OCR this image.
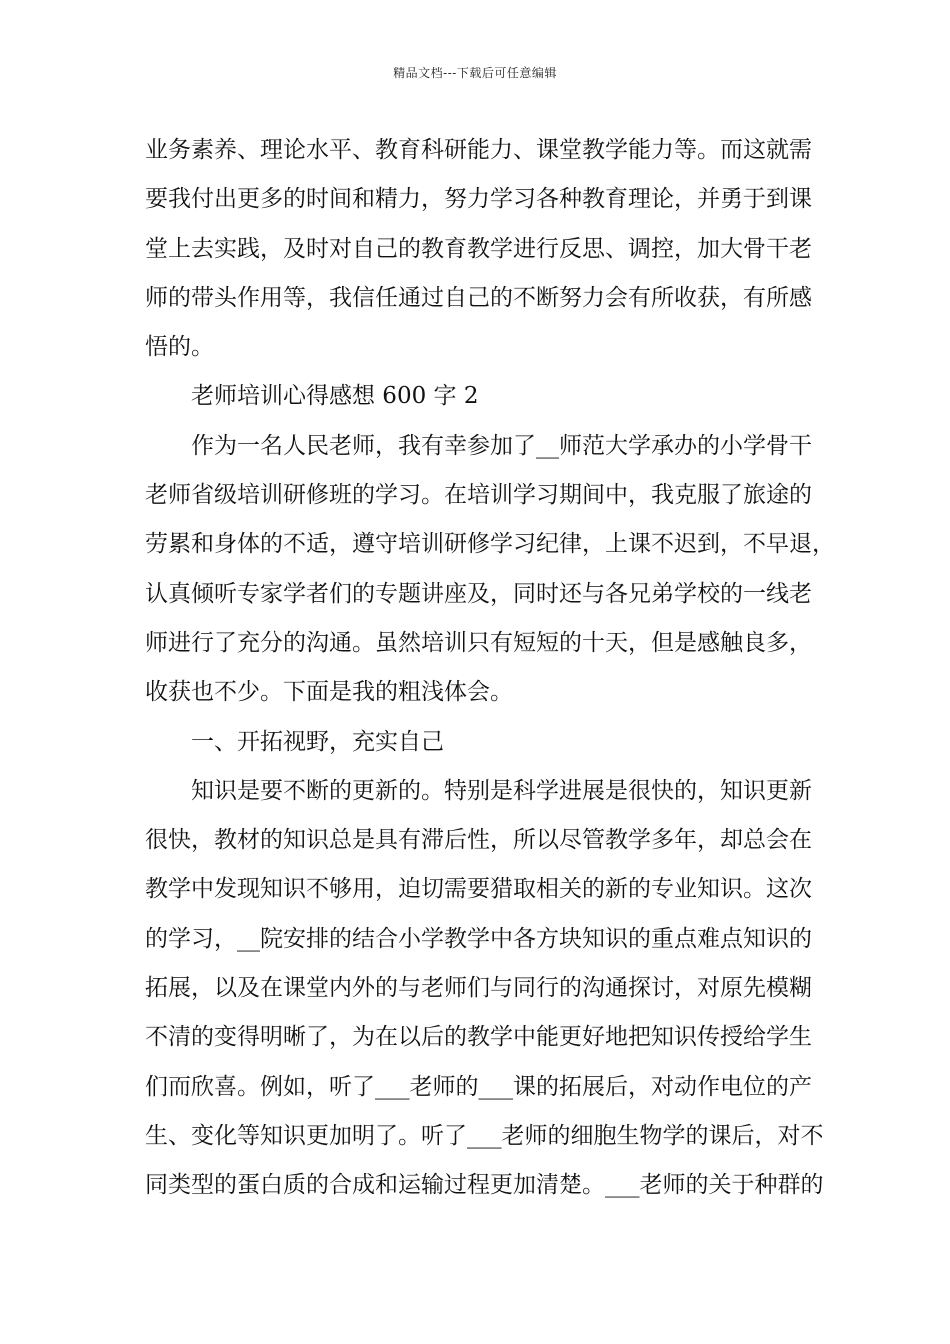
精品文档---下载后可任意编辑
业务素养、理论水平、教育科研能力、课堂教学能力等。而这就需
要我付出更多的时间和精力，努力学习各种教育理论，并勇于到课
堂上去实践，及时对自己的教育教学进行反思、调控，加大骨干老
师的带头作用等，我信任通过自己的不断努力会有所收获，有所感
悟的。
老师培训心得感想 600 字 2
作为一名人民老师，我有幸参加了__师范大学承办的小学骨干
老师省级培训研修班的学习。在培训学习期间中，我克服了旅途的
劳累和身体的不适，遵守培训研修学习纪律，上课不迟到，不早退，
认真倾听专家学者们的专题讲座及，同时还与各兄弟学校的一线老
师进行了充分的沟通。虽然培训只有短短的十天，但是感触良多，
收获也不少。下面是我的粗浅体会。
一、开拓视野，充实自己
知识是要不断的更新的。特别是科学进展是很快的，知识更新
很快，教材的知识总是具有滞后性，所以尽管教学多年，却总会在
教学中发现知识不够用，迫切需要猎取相关的新的专业知识。这次
的学习，__院安排的结合小学教学中各方块知识的重点难点知识的
拓展，以及在课堂内外的与老师们与同行的沟通探讨，对原先模糊
不清的变得明晰了，为在以后的教学中能更好地把知识传授给学生
们而欣喜。例如，听了___老师的___课的拓展后，对动作电位的产
生、变化等知识更加明了。听了___老师的细胞生物学的课后，对不
同类型的蛋白质的合成和运输过程更加清楚。___老师的关于种群的
